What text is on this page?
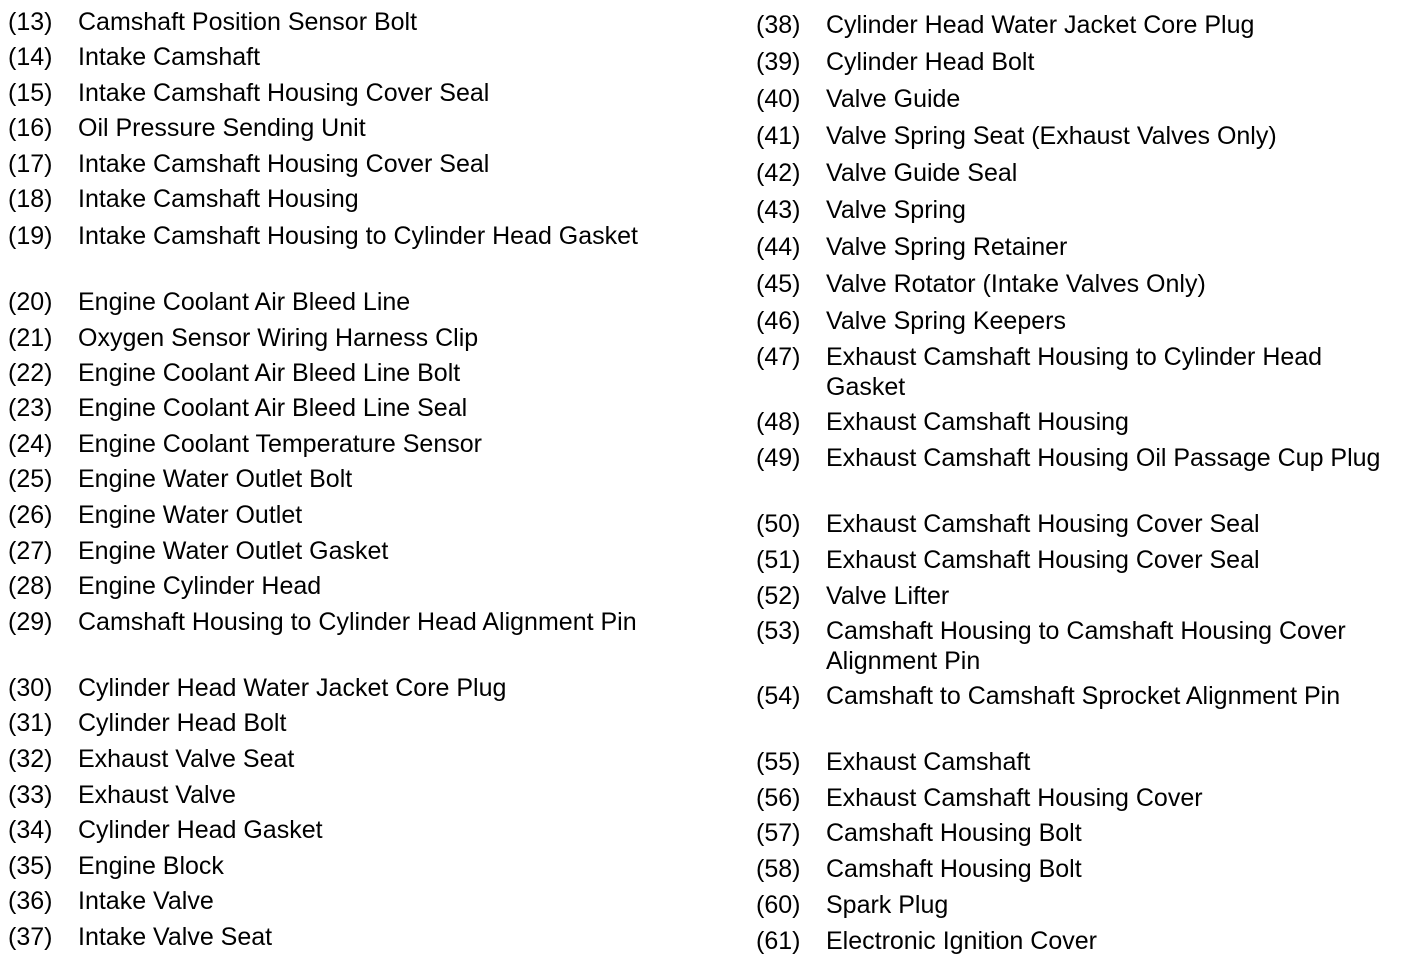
(13)	Camshaft Position Sensor Bolt
(14)	Intake Camshaft
(15)	Intake Camshaft Housing Cover Seal
(16)	Oil Pressure Sending Unit
(17)	Intake Camshaft Housing Cover Seal
(18)	Intake Camshaft Housing
(19)	Intake Camshaft Housing to Cylinder Head Gasket
(20)	Engine Coolant Air Bleed Line
(21)	Oxygen Sensor Wiring Harness Clip
(22)	Engine Coolant Air Bleed Line Bolt
(23)	Engine Coolant Air Bleed Line Seal
(24)	Engine Coolant Temperature Sensor
(25)	Engine Water Outlet Bolt
(26)	Engine Water Outlet
(27)	Engine Water Outlet Gasket
(28)	Engine Cylinder Head
(29)	Camshaft Housing to Cylinder Head Alignment Pin
(30)	Cylinder Head Water Jacket Core Plug
(31)	Cylinder Head Bolt
(32)	Exhaust Valve Seat
(33)	Exhaust Valve
(34)	Cylinder Head Gasket
(35)	Engine Block
(36)	Intake Valve
(37)	Intake Valve Seat
(38)	Cylinder Head Water Jacket Core Plug
(39)	Cylinder Head Bolt
(40)	Valve Guide
(41)	Valve Spring Seat (Exhaust Valves Only)
(42)	Valve Guide Seal
(43)	Valve Spring
(44)	Valve Spring Retainer
(45)	Valve Rotator (Intake Valves Only)
(46)	Valve Spring Keepers
(47)	Exhaust Camshaft Housing to Cylinder Head Gasket
(48)	Exhaust Camshaft Housing
(49)	Exhaust Camshaft Housing Oil Passage Cup Plug
(50)	Exhaust Camshaft Housing Cover Seal
(51)	Exhaust Camshaft Housing Cover Seal
(52)	Valve Lifter
(53)	Camshaft Housing to Camshaft Housing Cover Alignment Pin
(54)	Camshaft to Camshaft Sprocket Alignment Pin
(55)	Exhaust Camshaft
(56)	Exhaust Camshaft Housing Cover
(57)	Camshaft Housing Bolt
(58)	Camshaft Housing Bolt
(60)	Spark Plug
(61)	Electronic Ignition Cover
